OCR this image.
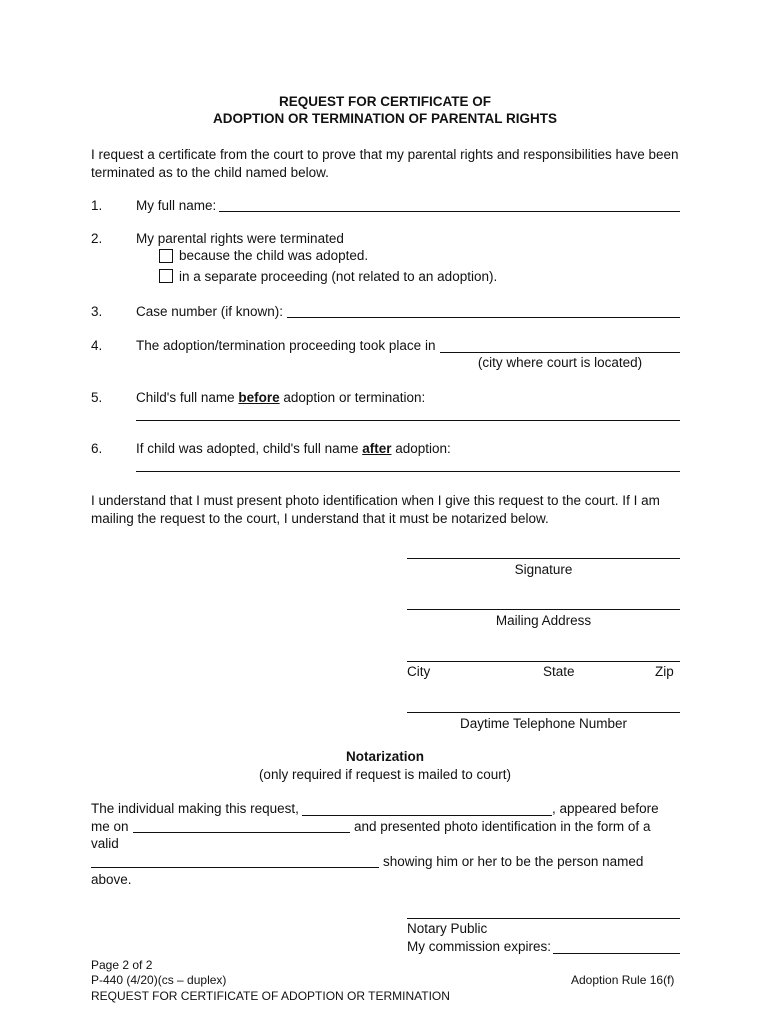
REQUEST FOR CERTIFICATE OF
ADOPTION OR TERMINATION OF PARENTAL RIGHTS
I request a certificate from the court to prove that my parental rights and responsibilities have been terminated as to the child named below.
1. My full name:
2. My parental rights were terminated
because the child was adopted.
in a separate proceeding (not related to an adoption).
3. Case number (if known):
4. The adoption/termination proceeding took place in
(city where court is located)
5. Child's full name before adoption or termination:
6. If child was adopted, child's full name after adoption:
I understand that I must present photo identification when I give this request to the court. If I am mailing the request to the court, I understand that it must be notarized below.
Signature
Mailing Address
City	State	Zip
Daytime Telephone Number
Notarization
(only required if request is mailed to court)
The individual making this request,	, appeared before
me on	and presented photo identification in the form of a
valid
showing him or her to be the person named
above.
Notary Public
My commission expires:
Page 2 of 2
P-440 (4/20)(cs – duplex)
REQUEST FOR CERTIFICATE OF ADOPTION OR TERMINATION
Adoption Rule 16(f)
